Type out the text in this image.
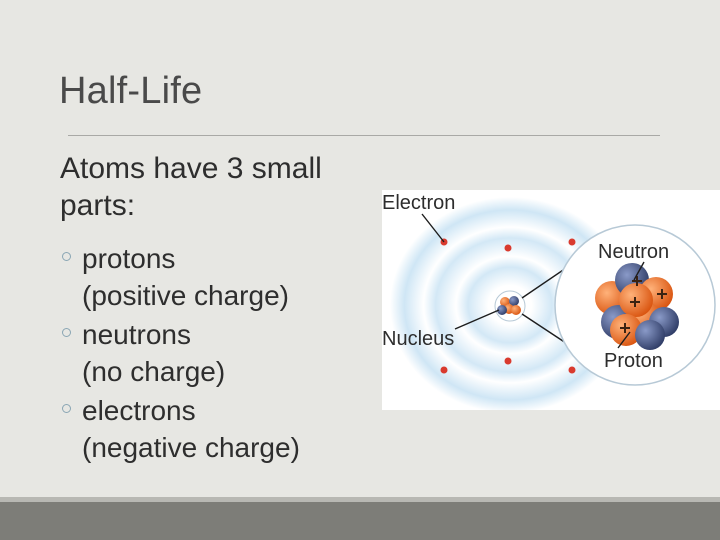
Half-Life
Atoms have 3 small parts:
protons
(positive charge)
neutrons
(no charge)
electrons
(negative charge)
Electron
Nucleus
Neutron
Proton
